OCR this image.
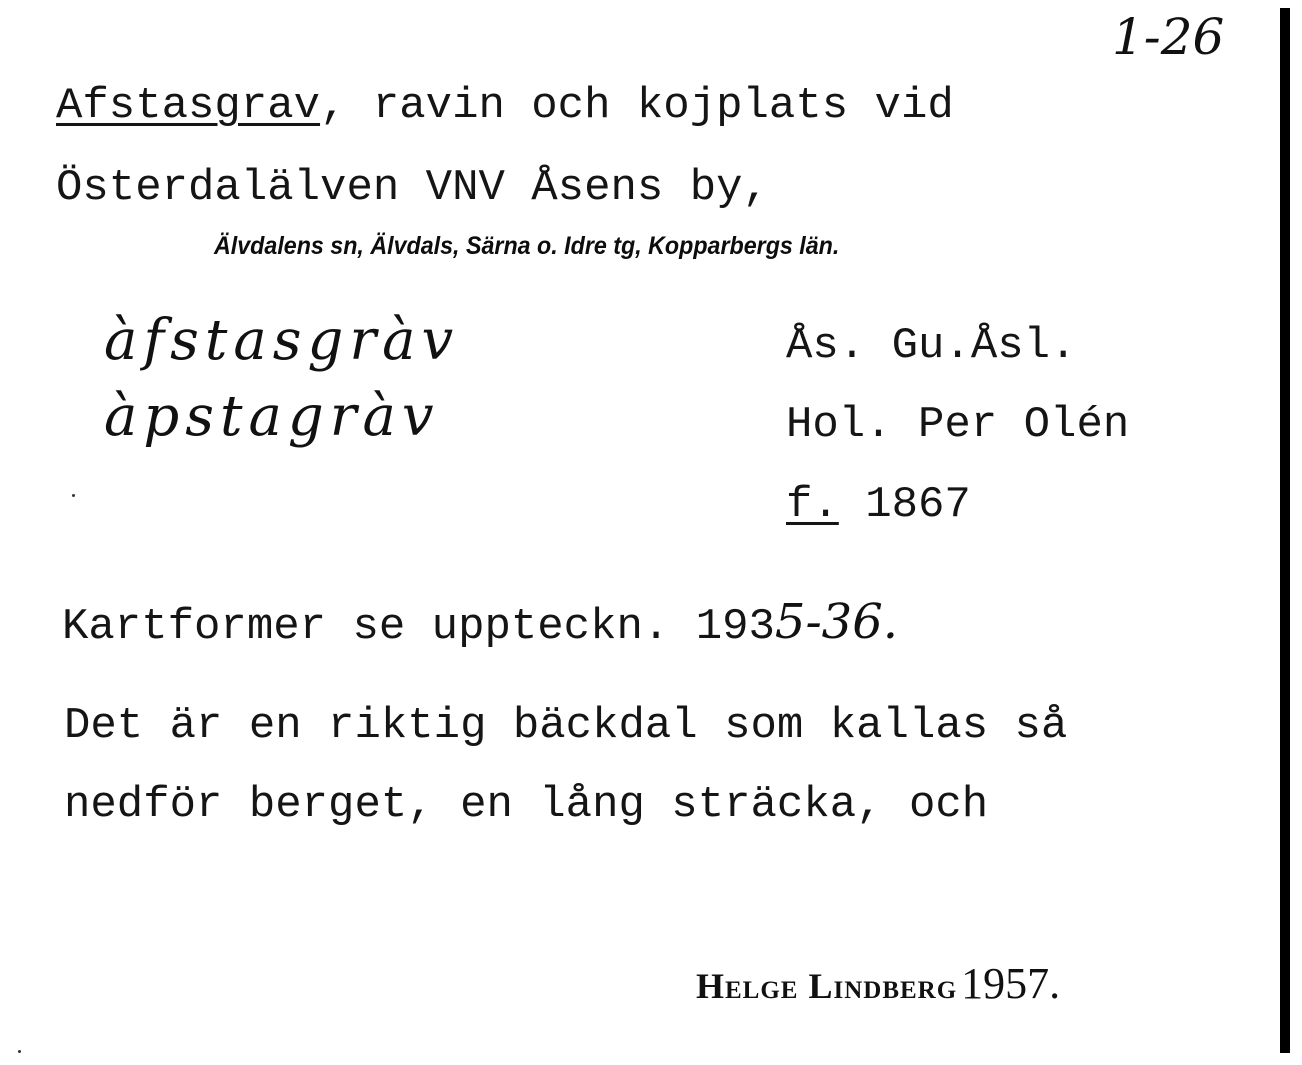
1-26
Afstasgrav, ravin och kojplats vid
Österdalälven VNV Åsens by,
Älvdalens sn, Älvdals, Särna o. Idre tg, Kopparbergs län.
àfstasgràv
àpstagràv
Ås. Gu.Åsl.
Hol. Per Olén
f. 1867
Kartformer se uppteckn. 1935-36.
Det är en riktig bäckdal som kallas så
nedför berget, en lång sträcka, och
Helge Lindberg 1957.
